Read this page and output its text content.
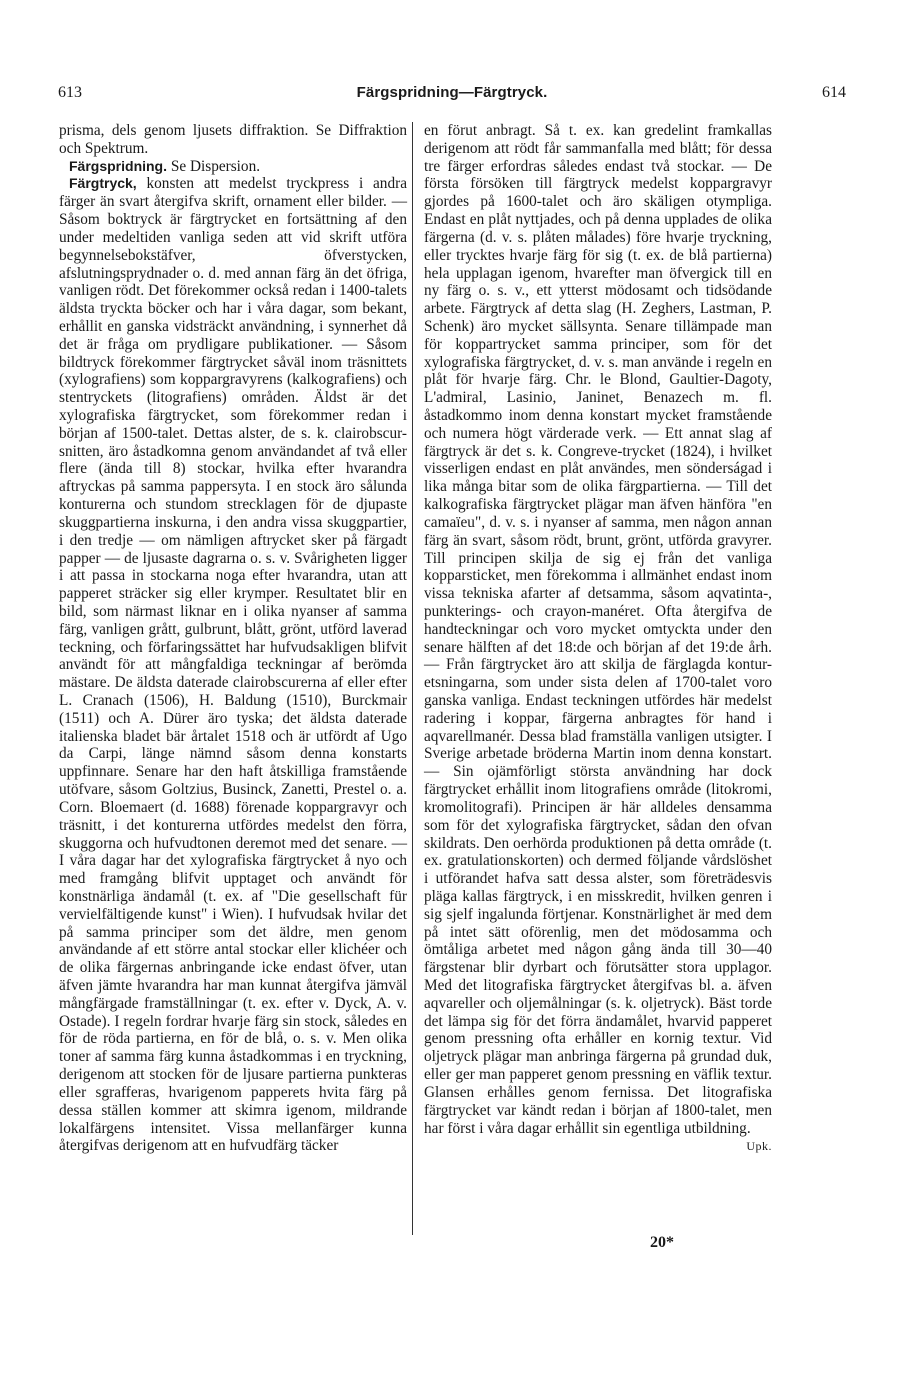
613	Färgspridning—Färgtryck.	614

prisma, dels genom ljusets diffraktion. Se Diffraktion och Spektrum.

Färgspridning. Se Dispersion.

Färgtryck, konsten att medelst tryckpress i andra färger än svart återgifva skrift, ornament eller bilder. — Såsom boktryck är färgtrycket en fortsättning af den under medeltiden vanliga seden att vid skrift utföra begynnelsebokstäfver, öfverstycken, afslutningsprydnader o. d. med annan färg än det öfriga, vanligen rödt. Det förekommer också redan i 1400-talets äldsta tryckta böcker och har i våra dagar, som bekant, erhållit en ganska vidsträckt användning, i synnerhet då det är fråga om prydligare publikationer. — Såsom bildtryck förekommer färgtrycket såväl inom träsnittets (xylografiens) som koppargravyrens (kalkografiens) och stentryckets (litografiens) områden. Äldst är det xylografiska färgtrycket, som förekommer redan i början af 1500-talet. Dettas alster, de s. k. clairobscur-snitten, äro åstadkomna genom användandet af två eller flere (ända till 8) stockar, hvilka efter hvarandra aftryckas på samma pappersyta. I en stock äro sålunda konturerna och stundom strecklagen för de djupaste skuggpartierna inskurna, i den andra vissa skuggpartier, i den tredje — om nämligen aftrycket sker på färgadt papper — de ljusaste dagrarna o. s. v. Svårigheten ligger i att passa in stockarna noga efter hvarandra, utan att papperet sträcker sig eller krymper. Resultatet blir en bild, som närmast liknar en i olika nyanser af samma färg, vanligen grått, gulbrunt, blått, grönt, utförd laverad teckning, och förfaringssättet har hufvudsakligen blifvit användt för att mångfaldiga teckningar af berömda mästare. De äldsta daterade clairobscurerna af eller efter L. Cranach (1506), H. Baldung (1510), Burckmair (1511) och A. Dürer äro tyska; det äldsta daterade italienska bladet bär årtalet 1518 och är utfördt af Ugo da Carpi, länge nämnd såsom denna konstarts uppfinnare. Senare har den haft åtskilliga framstående utöfvare, såsom Goltzius, Businck, Zanetti, Prestel o. a. Corn. Bloemaert (d. 1688) förenade koppargravyr och träsnitt, i det konturerna utfördes medelst den förra, skuggorna och hufvudtonen deremot med det senare. — I våra dagar har det xylografiska färgtrycket å nyo och med framgång blifvit upptaget och användt för konstnärliga ändamål (t. ex. af "Die gesellschaft für vervielfältigende kunst" i Wien). I hufvudsak hvilar det på samma principer som det äldre, men genom användande af ett större antal stockar eller klichéer och de olika färgernas anbringande icke endast öfver, utan äfven jämte hvarandra har man kunnat återgifva jämväl mångfärgade framställningar (t. ex. efter v. Dyck, A. v. Ostade). I regeln fordrar hvarje färg sin stock, således en för de röda partierna, en för de blå, o. s. v. Men olika toner af samma färg kunna åstadkommas i en tryckning, derigenom att stocken för de ljusare partierna punkteras eller sgrafferas, hvarigenom papperets hvita färg på dessa ställen kommer att skimra igenom, mildrande lokalfärgens intensitet. Vissa mellanfärger kunna återgifvas derigenom att en hufvudfärg täcker

en förut anbragt. Så t. ex. kan gredelint framkallas derigenom att rödt får sammanfalla med blått; för dessa tre färger erfordras således endast två stockar. — De första försöken till färgtryck medelst koppargravyr gjordes på 1600-talet och äro skäligen otympliga. Endast en plåt nyttjades, och på denna upplades de olika färgerna (d. v. s. plåten målades) före hvarje tryckning, eller trycktes hvarje färg för sig (t. ex. de blå partierna) hela upplagan igenom, hvarefter man öfvergick till en ny färg o. s. v., ett ytterst mödosamt och tidsödande arbete. Färgtryck af detta slag (H. Zeghers, Lastman, P. Schenk) äro mycket sällsynta. Senare tillämpade man för koppartrycket samma principer, som för det xylografiska färgtrycket, d. v. s. man använde i regeln en plåt för hvarje färg. Chr. le Blond, Gaultier-Dagoty, L'admiral, Lasinio, Janinet, Benazech m. fl. åstadkommo inom denna konstart mycket framstående och numera högt värderade verk. — Ett annat slag af färgtryck är det s. k. Congreve-trycket (1824), i hvilket visserligen endast en plåt användes, men sönderságad i lika många bitar som de olika färgpartierna. — Till det kalkografiska färgtrycket plägar man äfven hänföra "en camaïeu", d. v. s. i nyanser af samma, men någon annan färg än svart, såsom rödt, brunt, grönt, utförda gravyrer. Till principen skilja de sig ej från det vanliga kopparsticket, men förekomma i allmänhet endast inom vissa tekniska afarter af detsamma, såsom aqvatinta-, punkterings- och crayon-manéret. Ofta återgifva de handteckningar och voro mycket omtyckta under den senare hälften af det 18:de och början af det 19:de årh. — Från färgtrycket äro att skilja de färglagda kontur-etsningarna, som under sista delen af 1700-talet voro ganska vanliga. Endast teckningen utfördes här medelst radering i koppar, färgerna anbragtes för hand i aqvarellmanér. Dessa blad framställa vanligen utsigter. I Sverige arbetade bröderna Martin inom denna konstart. — Sin ojämförligt största användning har dock färgtrycket erhållit inom litografiens område (litokromi, kromolitografi). Principen är här alldeles densamma som för det xylografiska färgtrycket, sådan den ofvan skildrats. Den oerhörda produktionen på detta område (t. ex. gratulationskorten) och dermed följande vårdslöshet i utförandet hafva satt dessa alster, som företrädesvis pläga kallas färgtryck, i en misskredit, hvilken genren i sig sjelf ingalunda förtjenar. Konstnärlighet är med dem på intet sätt oförenlig, men det mödosamma och ömtåliga arbetet med någon gång ända till 30—40 färgstenar blir dyrbart och förutsätter stora upplagor. Med det litografiska färgtrycket återgifvas bl. a. äfven aqvareller och oljemålningar (s. k. oljetryck). Bäst torde det lämpa sig för det förra ändamålet, hvarvid papperet genom pressning ofta erhåller en kornig textur. Vid oljetryck plägar man anbringa färgerna på grundad duk, eller ger man papperet genom pressning en väflik textur. Glansen erhålles genom fernissa. Det litografiska färgtrycket var kändt redan i början af 1800-talet, men har först i våra dagar erhållit sin egentliga utbildning.

Upk.

20*
